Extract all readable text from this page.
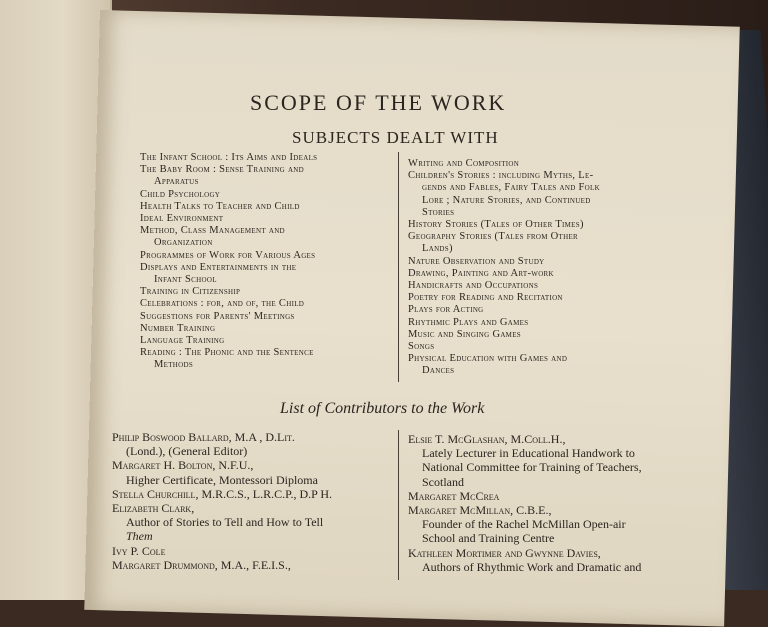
SCOPE OF THE WORK
SUBJECTS DEALT WITH
The Infant School : Its Aims and Ideals
The Baby Room : Sense Training and
Apparatus
Child Psychology
Health Talks to Teacher and Child
Ideal Environment
Method, Class Management and
Organization
Programmes of Work for Various Ages
Displays and Entertainments in the
Infant School
Training in Citizenship
Celebrations : for, and of, the Child
Suggestions for Parents' Meetings
Number Training
Language Training
Reading : The Phonic and the Sentence
Methods
Writing and Composition
Children's Stories : including Myths, Le-
gends and Fables, Fairy Tales and Folk
Lore ; Nature Stories, and Continued
Stories
History Stories (Tales of Other Times)
Geography Stories (Tales from Other
Lands)
Nature Observation and Study
Drawing, Painting and Art-work
Handicrafts and Occupations
Poetry for Reading and Recitation
Plays for Acting
Rhythmic Plays and Games
Music and Singing Games
Songs
Physical Education with Games and
Dances
List of Contributors to the Work
Philip Boswood Ballard, M.A , D.Lit.
(Lond.), (General Editor)
Margaret H. Bolton, N.F.U.,
Higher Certificate, Montessori Diploma
Stella Churchill, M.R.C.S., L.R.C.P., D.P H.
Elizabeth Clark,
Author of Stories to Tell and How to Tell
Them
Ivy P. Cole
Margaret Drummond, M.A., F.E.I.S.,
Elsie T. McGlashan, M.Coll.H.,
Lately Lecturer in Educational Handwork to
National Committee for Training of Teachers,
Scotland
Margaret McCrea
Margaret McMillan, C.B.E.,
Founder of the Rachel McMillan Open-air
School and Training Centre
Kathleen Mortimer and Gwynne Davies,
Authors of Rhythmic Work and Dramatic and
